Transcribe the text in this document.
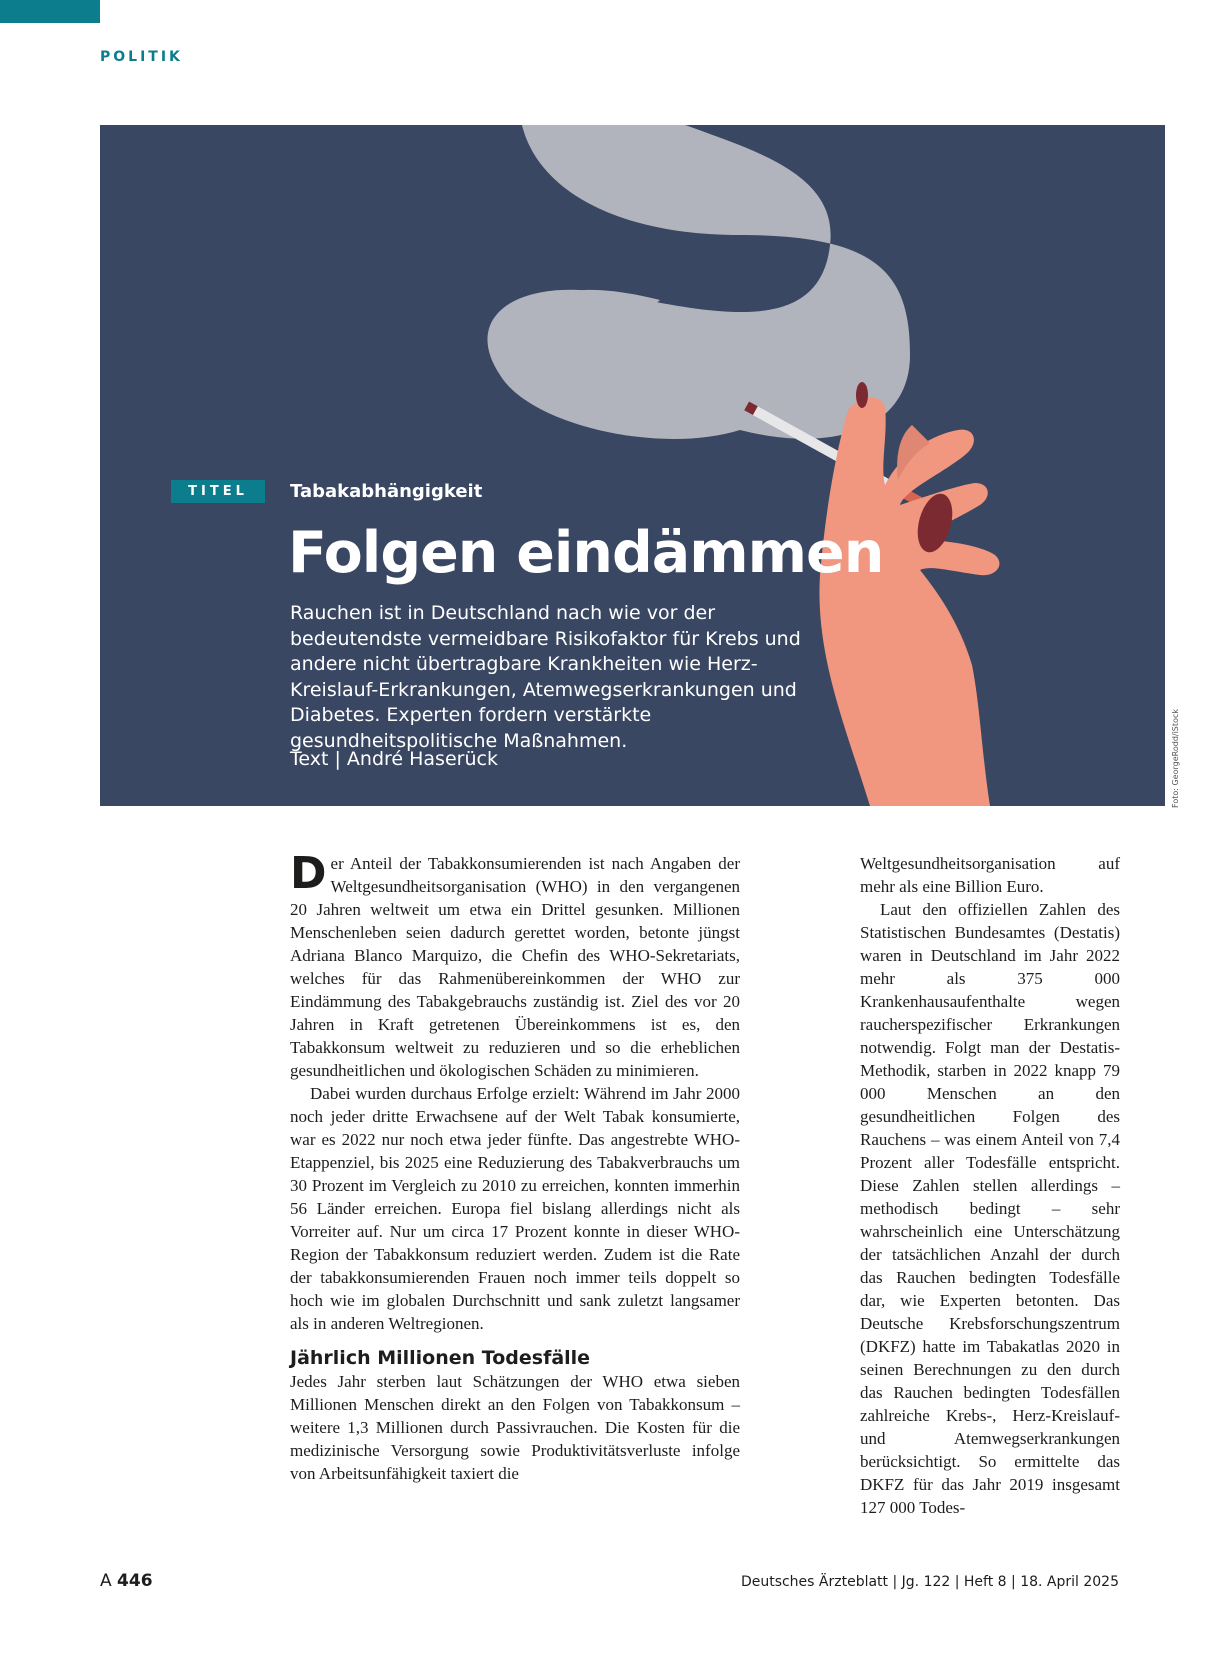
POLITIK
TITEL	Tabakabhängigkeit
Folgen eindämmen
Rauchen ist in Deutschland nach wie vor der bedeutendste vermeidbare Risikofaktor für Krebs und andere nicht übertragbare Krankheiten wie Herz-Kreislauf-Erkrankungen, Atemwegserkrankungen und Diabetes. Experten fordern verstärkte gesundheitspolitische Maßnahmen.
Text | André Haserück	Foto: GeorgeRodd/iStock

Der Anteil der Tabakkonsumierenden ist nach Angaben der Weltgesundheitsorganisation (WHO) in den vergangenen 20 Jahren weltweit um etwa ein Drittel gesunken. Millionen Menschenleben seien dadurch gerettet worden, betonte jüngst Adriana Blanco Marquizo, die Chefin des WHO-Sekretariats, welches für das Rahmenübereinkommen der WHO zur Eindämmung des Tabakgebrauchs zuständig ist. Ziel des vor 20 Jahren in Kraft getretenen Übereinkommens ist es, den Tabakkonsum weltweit zu reduzieren und so die erheblichen gesundheitlichen und ökologischen Schäden zu minimieren.

Dabei wurden durchaus Erfolge erzielt: Während im Jahr 2000 noch jeder dritte Erwachsene auf der Welt Tabak konsumierte, war es 2022 nur noch etwa jeder fünfte. Das angestrebte WHO-Etappenziel, bis 2025 eine Reduzierung des Tabakverbrauchs um 30 Prozent im Vergleich zu 2010 zu erreichen, konnten immerhin 56 Länder erreichen. Europa fiel bislang allerdings nicht als Vorreiter auf. Nur um circa 17 Prozent konnte in dieser WHO-Region der Tabakkonsum reduziert werden. Zudem ist die Rate der tabakkonsumierenden Frauen noch immer teils doppelt so hoch wie im globalen Durchschnitt und sank zuletzt langsamer als in anderen Weltregionen.

Jährlich Millionen Todesfälle

Jedes Jahr sterben laut Schätzungen der WHO etwa sieben Millionen Menschen direkt an den Folgen von Tabakkonsum – weitere 1,3 Millionen durch Passivrauchen. Die Kosten für die medizinische Versorgung sowie Produktivitätsverluste infolge von Arbeitsunfähigkeit taxiert die

Weltgesundheitsorganisation auf mehr als eine Billion Euro.

Laut den offiziellen Zahlen des Statistischen Bundesamtes (Destatis) waren in Deutschland im Jahr 2022 mehr als 375 000 Krankenhausaufenthalte wegen raucherspezifischer Erkrankungen notwendig. Folgt man der Destatis-Methodik, starben in 2022 knapp 79 000 Menschen an den gesundheitlichen Folgen des Rauchens – was einem Anteil von 7,4 Prozent aller Todesfälle entspricht. Diese Zahlen stellen allerdings – methodisch bedingt – sehr wahrscheinlich eine Unterschätzung der tatsächlichen Anzahl der durch das Rauchen bedingten Todesfälle dar, wie Experten betonten. Das Deutsche Krebsforschungszentrum (DKFZ) hatte im Tabakatlas 2020 in seinen Berechnungen zu den durch das Rauchen bedingten Todesfällen zahlreiche Krebs-, Herz-Kreislauf- und Atemwegserkrankungen berücksichtigt. So ermittelte das DKFZ für das Jahr 2019 insgesamt 127 000 Todes-

A 446	Deutsches Ärzteblatt | Jg. 122 | Heft 8 | 18. April 2025
